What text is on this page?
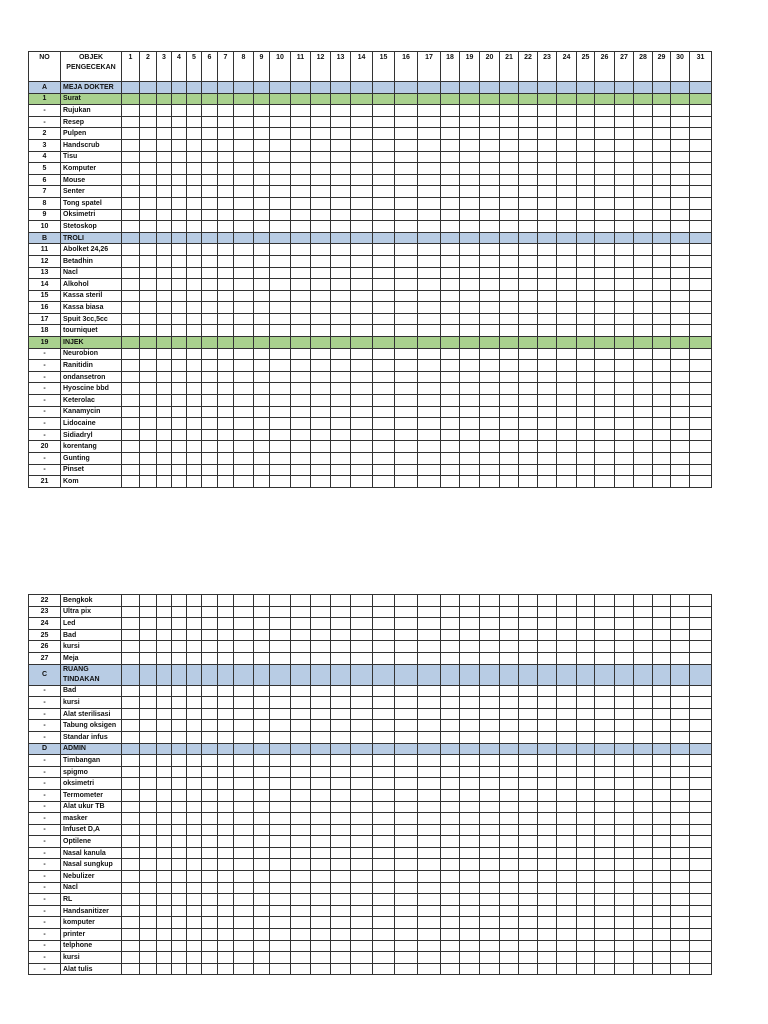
NO	OBJEK PENGECEKAN	1	2	3	4	5	6	7	8	9	10	11	12	13	14	15	16	17	18	19	20	21	22	23	24	25	26	27	28	29	30	31
A	MEJA DOKTER																															
1	Surat																															
-	Rujukan																															
-	Resep																															
2	Pulpen																															
3	Handscrub																															
4	Tisu																															
5	Komputer																															
6	Mouse																															
7	Senter																															
8	Tong spatel																															
9	Oksimetri																															
10	Stetoskop																															
B	TROLI																															
11	Abolket 24,26																															
12	Betadhin																															
13	Nacl																															
14	Alkohol																															
15	Kassa steril																															
16	Kassa biasa																															
17	Spuit 3cc,5cc																															
18	tourniquet																															
19	INJEK																															
-	Neurobion																															
-	Ranitidin																															
-	ondansetron																															
-	Hyoscine bbd																															
-	Keterolac																															
-	Kanamycin																															
-	Lidocaine																															
-	Sidiadryl																															
20	korentang																															
-	Gunting																															
-	Pinset																															
21	Kom																															
22	Bengkok																															
23	Ultra pix																															
24	Led																															
25	Bad																															
26	kursi																															
27	Meja																															
C	RUANG TINDAKAN																															
-	Bad																															
-	kursi																															
-	Alat sterilisasi																															
-	Tabung oksigen																															
-	Standar infus																															
D	ADMIN																															
-	Timbangan																															
-	spigmo																															
-	oksimetri																															
-	Termometer																															
-	Alat ukur TB																															
-	masker																															
-	Infuset D,A																															
-	Optilene																															
-	Nasal kanula																															
-	Nasal sungkup																															
-	Nebulizer																															
-	Nacl																															
-	RL																															
-	Handsanitizer																															
-	komputer																															
-	printer																															
-	telphone																															
-	kursi																															
-	Alat tulis																															
